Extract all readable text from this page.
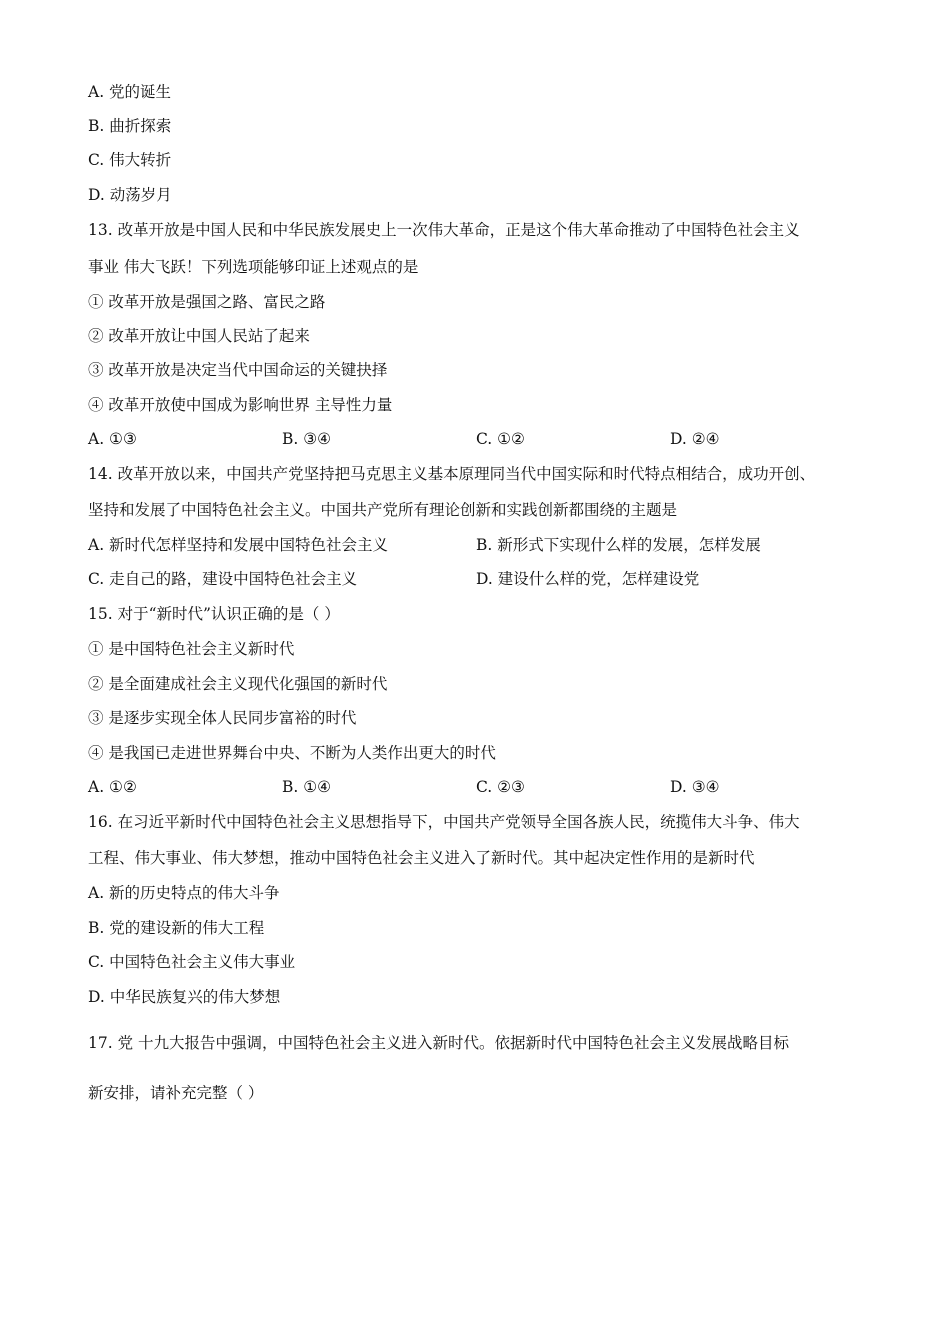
A. 党的诞生
B. 曲折探索
C. 伟大转折
D. 动荡岁月
13. 改革开放是中国人民和中华民族发展史上一次伟大革命，正是这个伟大革命推动了中国特色社会主义
事业 伟大飞跃！下列选项能够印证上述观点的是
① 改革开放是强国之路、富民之路
② 改革开放让中国人民站了起来
③ 改革开放是决定当代中国命运的关键抉择
④ 改革开放使中国成为影响世界 主导性力量
A. ①③	B. ③④	C. ①②	D. ②④
14. 改革开放以来，中国共产党坚持把马克思主义基本原理同当代中国实际和时代特点相结合，成功开创、
坚持和发展了中国特色社会主义。中国共产党所有理论创新和实践创新都围绕的主题是
A. 新时代怎样坚持和发展中国特色社会主义	B. 新形式下实现什么样的发展，怎样发展
C. 走自己的路，建设中国特色社会主义	D. 建设什么样的党，怎样建设党
15. 对于“新时代”认识正确的是（ ）
① 是中国特色社会主义新时代
② 是全面建成社会主义现代化强国的新时代
③ 是逐步实现全体人民同步富裕的时代
④ 是我国已走进世界舞台中央、不断为人类作出更大的时代
A. ①②	B. ①④	C. ②③	D. ③④
16. 在习近平新时代中国特色社会主义思想指导下，中国共产党领导全国各族人民，统揽伟大斗争、伟大
工程、伟大事业、伟大梦想，推动中国特色社会主义进入了新时代。其中起决定性作用的是新时代
A. 新的历史特点的伟大斗争
B. 党的建设新的伟大工程
C. 中国特色社会主义伟大事业
D. 中华民族复兴的伟大梦想
17. 党 十九大报告中强调，中国特色社会主义进入新时代。依据新时代中国特色社会主义发展战略目标
新安排，请补充完整（ ）
